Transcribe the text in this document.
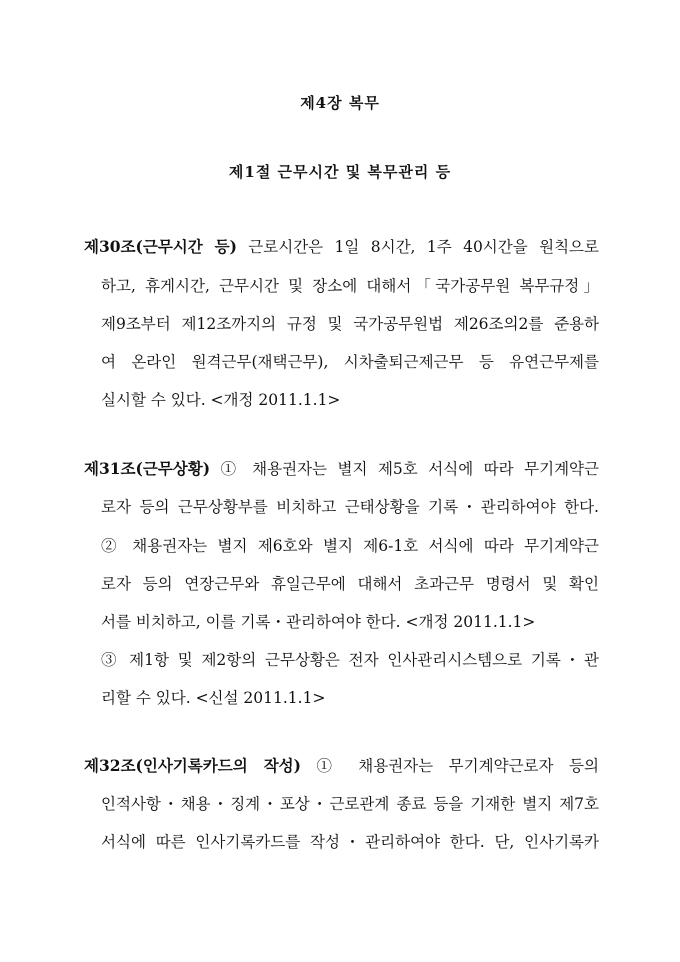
제4장 복무
제1절 근무시간 및 복무관리 등
제30조(근무시간 등) 근로시간은 1일 8시간, 1주 40시간을 원칙으로
하고, 휴게시간, 근무시간 및 장소에 대해서「국가공무원 복무규정」
제9조부터 제12조까지의 규정 및 국가공무원법 제26조의2를 준용하
여 온라인 원격근무(재택근무), 시차출퇴근제근무 등 유연근무제를
실시할 수 있다. <개정 2011.1.1>
제31조(근무상황) ① 채용권자는 별지 제5호 서식에 따라 무기계약근
로자 등의 근무상황부를 비치하고 근태상황을 기록・관리하여야 한다.
② 채용권자는 별지 제6호와 별지 제6-1호 서식에 따라 무기계약근
로자 등의 연장근무와 휴일근무에 대해서 초과근무 명령서 및 확인
서를 비치하고, 이를 기록・관리하여야 한다. <개정 2011.1.1>
③ 제1항 및 제2항의 근무상황은 전자 인사관리시스템으로 기록・관
리할 수 있다. <신설 2011.1.1>
제32조(인사기록카드의 작성) ① 채용권자는 무기계약근로자 등의
인적사항・채용・징계・포상・근로관계 종료 등을 기재한 별지 제7호
서식에 따른 인사기록카드를 작성・관리하여야 한다. 단, 인사기록카
